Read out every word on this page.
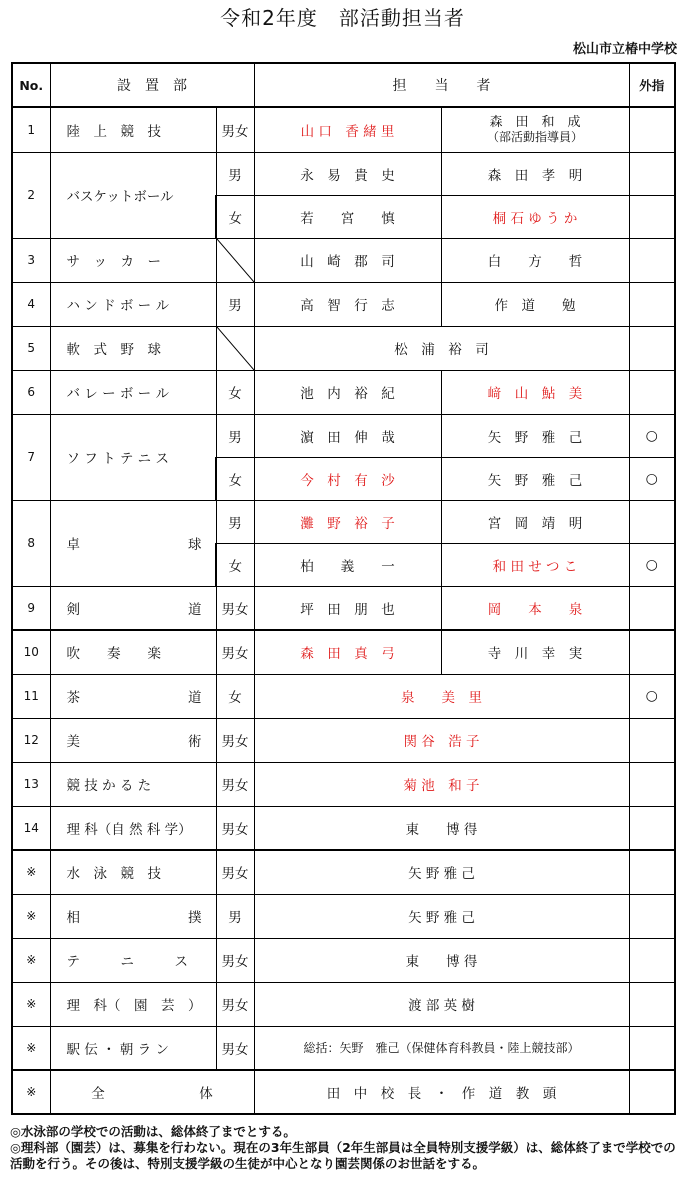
令和2年度　部活動担当者
松山市立椿中学校
No.	設　置　部		担　　当　　者		外指
1	陸　上　競　技	男女	山 口　香 緒 里	森　田　和　成
（部活動指導員）	

2	バスケットボール	男	永　易　貴　史	森　田　孝　明	
		女	若　　宮　　慎	桐 石 ゆ う か	
3	サ　ッ　カ　ー		山　崎　郡　司	白　　方　　哲	
4	ハ ン ド ボ ー ル	男	高　智　行　志	作　道　　勉	
5	軟　式　野　球		松　浦　裕　司		
6	バ レ ー ボ ー ル	女	池　内　裕　紀	﨑　山　鮎　美	
7	ソ フ ト テ ニ ス	男	濵　田　伸　哉	矢　野　雅　己	○
		女	今　村　有　沙	矢　野　雅　己	○
8	卓　　　　　　　　球	男	灘　野　裕　子	宮　岡　靖　明	
		女	柏　　義　　一	和 田 せ つ こ	○
9	剣　　　　　　　　道	男女	坪　田　朋　也	岡　　本　　泉	
10	吹　　奏　　楽	男女	森　田　真　弓	寺　川　幸　実	
11	茶　　　　　　　　道	女	泉　　美　里		○
12	美　　　　　　　　術	男女	関 谷　浩 子		
13	競 技 か る た	男女	菊 池　和 子		
14	理 科（自 然 科 学）	男女	東　　博 得		
※	水　泳　競　技	男女	矢 野 雅 己		
※	相　　　　　　　　撲	男	矢 野 雅 己		
※	テ　　　ニ　　　ス	男女	東　　博 得		
※	理　科（　園　芸　）	男女	渡 部 英 樹		
※	駅 伝 ・ 朝 ラ ン	男女	総括：矢野　雅己（保健体育科教員・陸上競技部）		
※	全　　　　　　　体		田　中　校　長　・　作　道　教　頭		
◎水泳部の学校での活動は、総体終了までとする。
◎理科部（園芸）は、募集を行わない。現在の3年生部員（2年生部員は全員特別支援学級）は、総体終了まで学校での活動を行う。その後は、特別支援学級の生徒が中心となり園芸関係のお世話をする。
